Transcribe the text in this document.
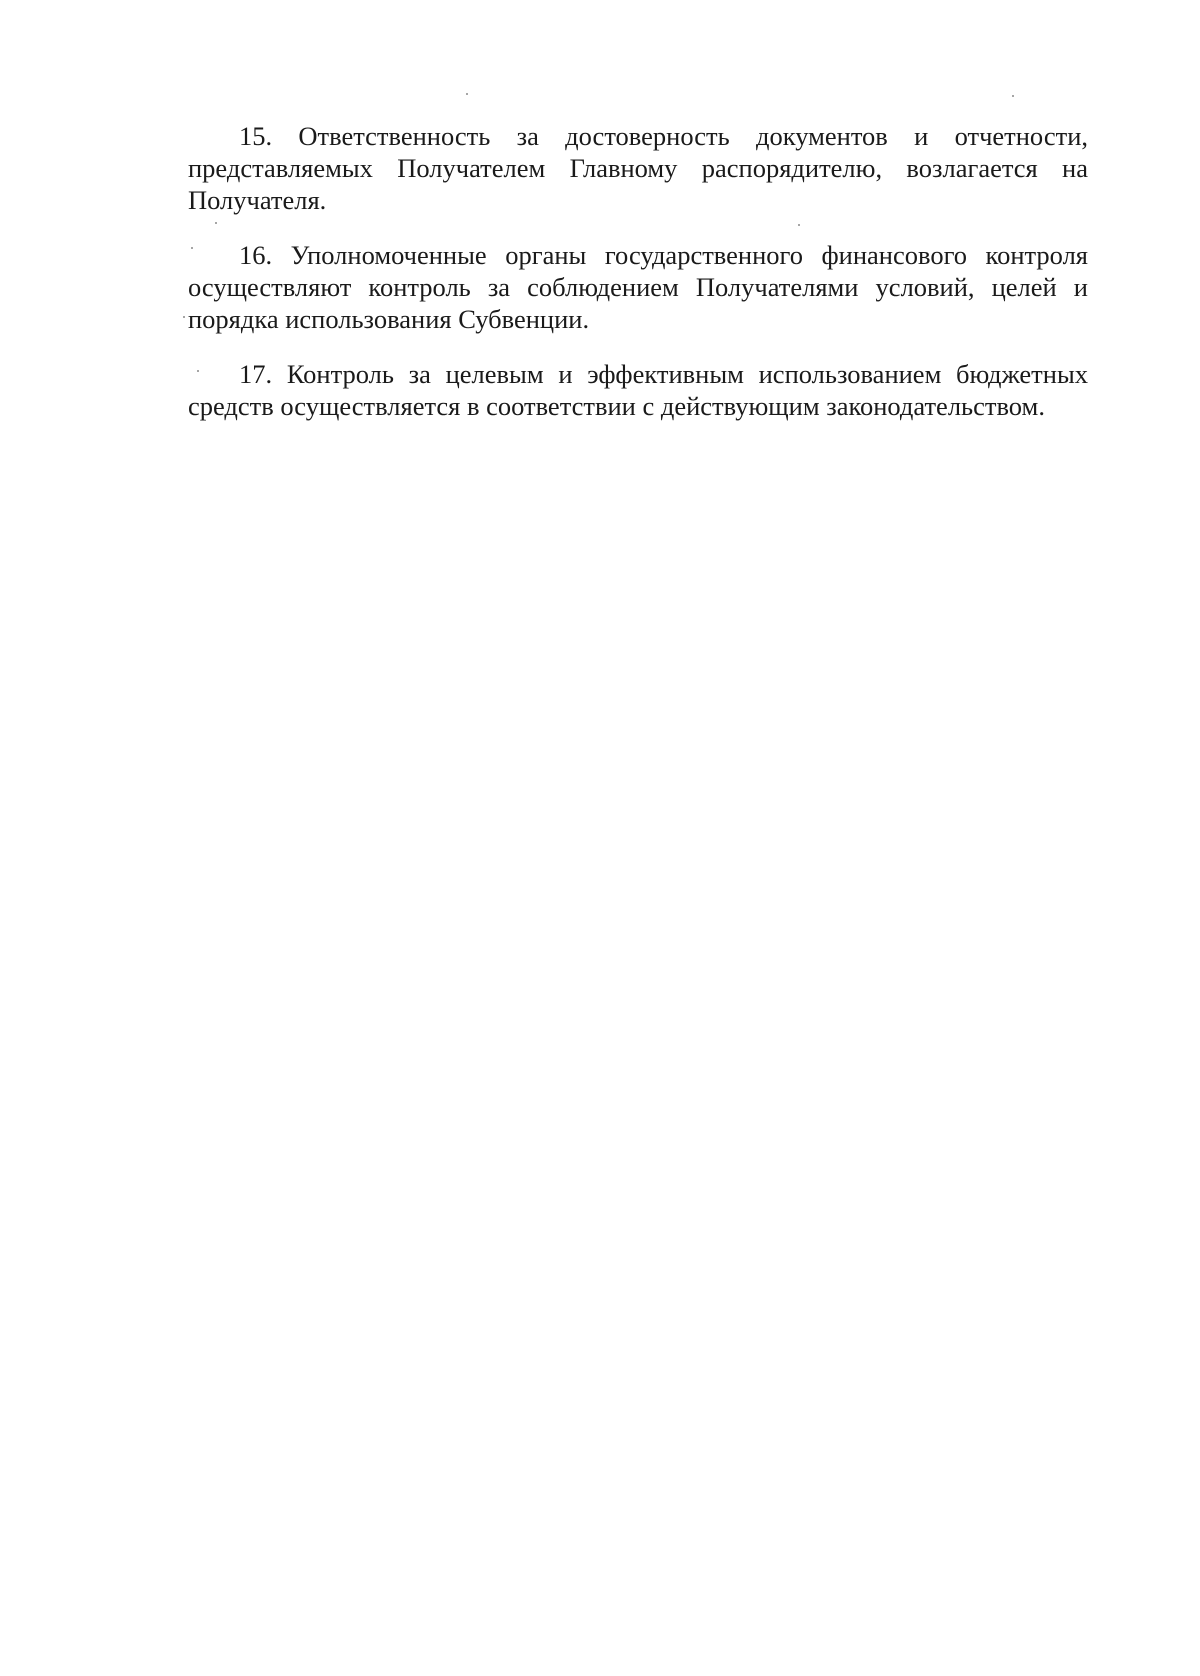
15. Ответственность за достоверность документов и отчетности, представляемых Получателем Главному распорядителю, возлагается на Получателя.

16. Уполномоченные органы государственного финансового контроля осуществляют контроль за соблюдением Получателями условий, целей и порядка использования Субвенции.

17. Контроль за целевым и эффективным использованием бюджетных средств осуществляется в соответствии с действующим законодательством.
